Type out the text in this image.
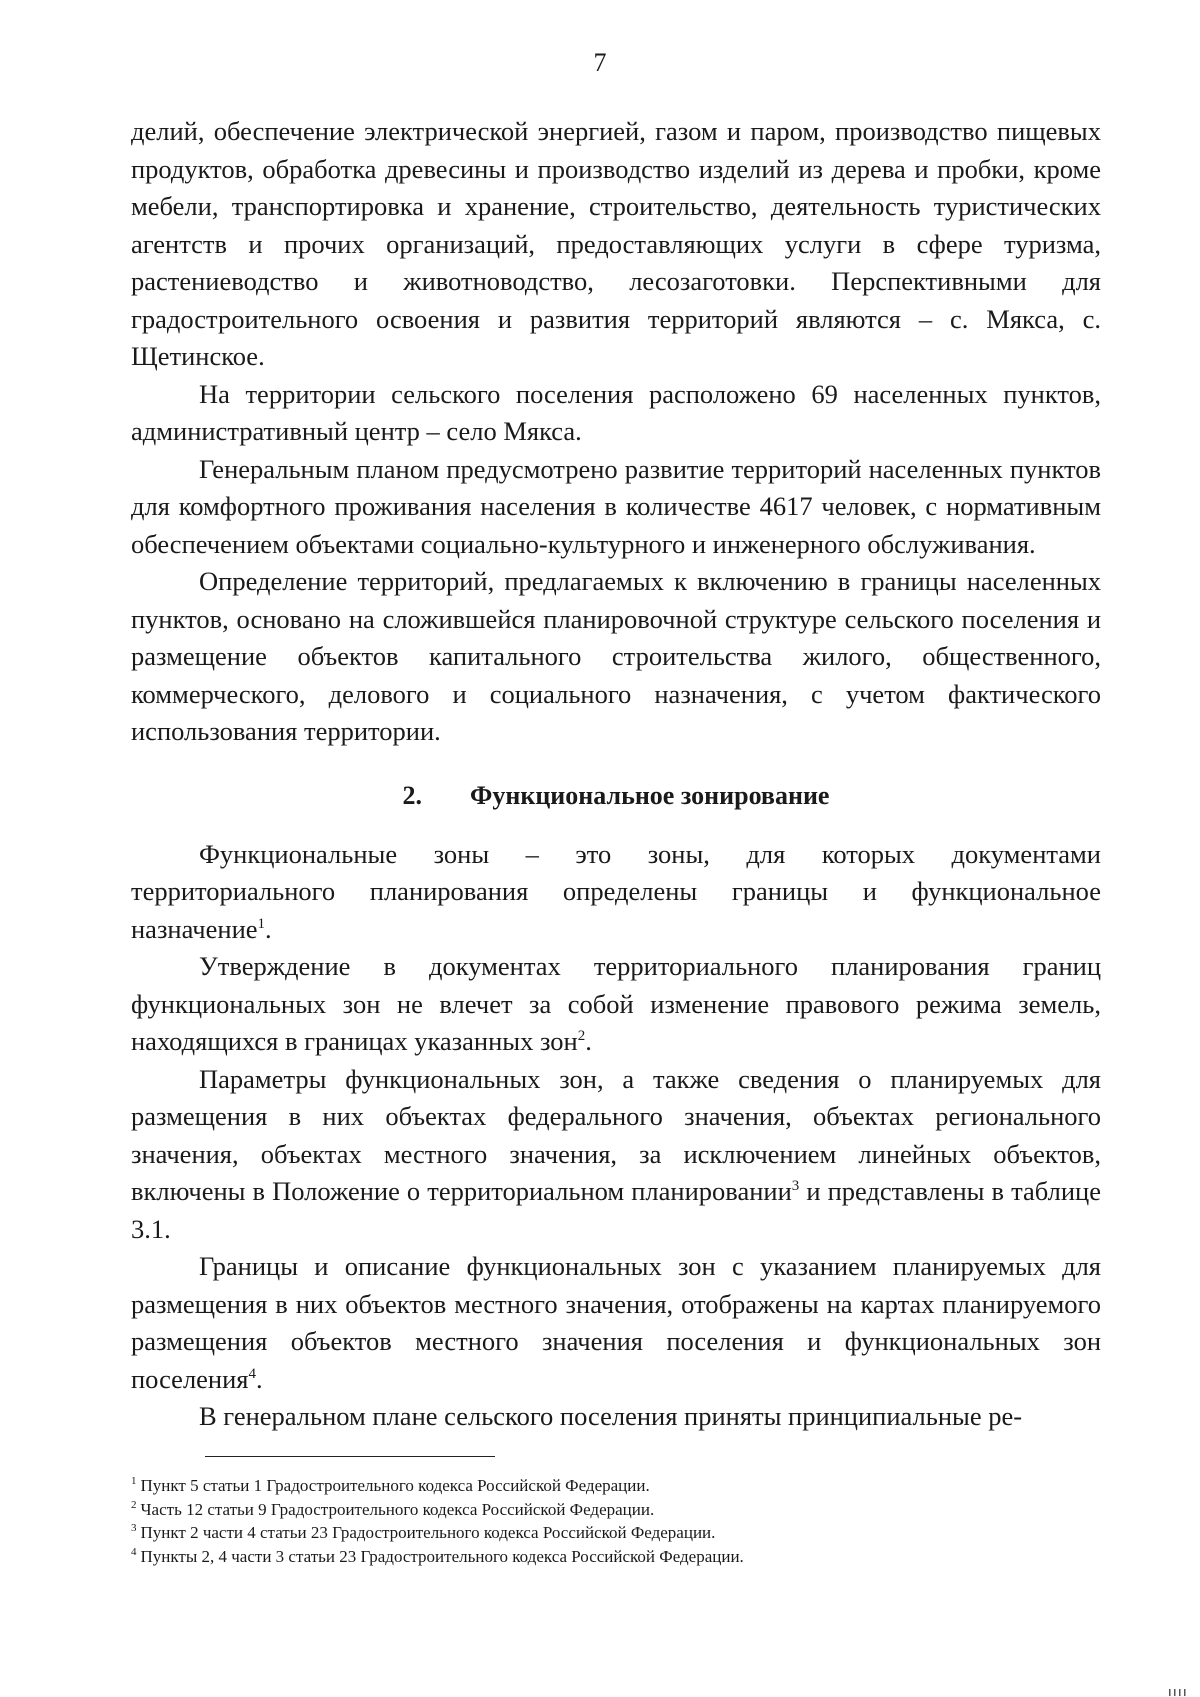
7

делий, обеспечение электрической энергией, газом и паром, производство пищевых продуктов, обработка древесины и производство изделий из дерева и пробки, кроме мебели, транспортировка и хранение, строительство, деятельность туристических агентств и прочих организаций, предоставляющих услуги в сфере туризма, растениеводство и животноводство, лесозаготовки. Перспективными для градостроительного освоения и развития территорий являются – с. Мякса, с. Щетинское.

На территории сельского поселения расположено 69 населенных пунктов, административный центр – село Мякса.

Генеральным планом предусмотрено развитие территорий населенных пунктов для комфортного проживания населения в количестве 4617 человек, с нормативным обеспечением объектами социально-культурного и инженерного обслуживания.

Определение территорий, предлагаемых к включению в границы населенных пунктов, основано на сложившейся планировочной структуре сельского поселения и размещение объектов капитального строительства жилого, общественного, коммерческого, делового и социального назначения, с учетом фактического использования территории.

2. Функциональное зонирование

Функциональные зоны – это зоны, для которых документами территориального планирования определены границы и функциональное назначение$^1$.

Утверждение в документах территориального планирования границ функциональных зон не влечет за собой изменение правового режима земель, находящихся в границах указанных зон$^2$.

Параметры функциональных зон, а также сведения о планируемых для размещения в них объектах федерального значения, объектах регионального значения, объектах местного значения, за исключением линейных объектов, включены в Положение о территориальном планировании$^3$ и представлены в таблице 3.1.

Границы и описание функциональных зон с указанием планируемых для размещения в них объектов местного значения, отображены на картах планируемого размещения объектов местного значения поселения и функциональных зон поселения$^4$.

В генеральном плане сельского поселения приняты принципиальные ре-

$^1$ Пункт 5 статьи 1 Градостроительного кодекса Российской Федерации.
$^2$ Часть 12 статьи 9 Градостроительного кодекса Российской Федерации.
$^3$ Пункт 2 части 4 статьи 23 Градостроительного кодекса Российской Федерации.
$^4$ Пункты 2, 4 части 3 статьи 23 Градостроительного кодекса Российской Федерации.
